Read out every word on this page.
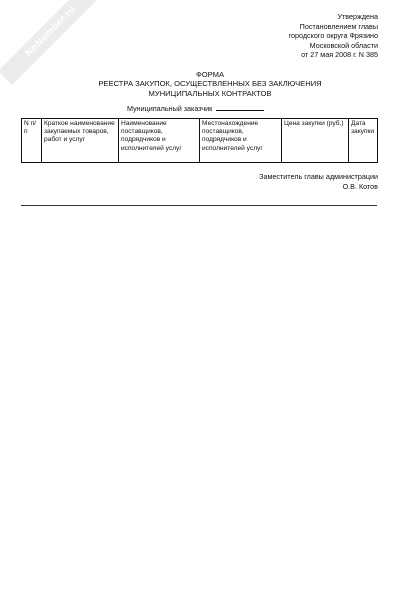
NoNumber.ru	Утверждена
Постановлением главы
городского округа Фрязино
Московской области
от 27 мая 2008 г. N 385
ФОРМА
РЕЕСТРА ЗАКУПОК, ОСУЩЕСТВЛЕННЫХ БЕЗ ЗАКЛЮЧЕНИЯ
МУНИЦИПАЛЬНЫХ КОНТРАКТОВ
Муниципальный заказчик
N п/п	Краткое наименование закупаемых товаров, работ и услуг	Наименование поставщиков, подрядчиков и исполнителей услуг	Местонахождение поставщиков, подрядчиков и исполнителей услуг	Цена закупки (руб.)	Дата закупки
Заместитель главы администрации
О.В. Котов
